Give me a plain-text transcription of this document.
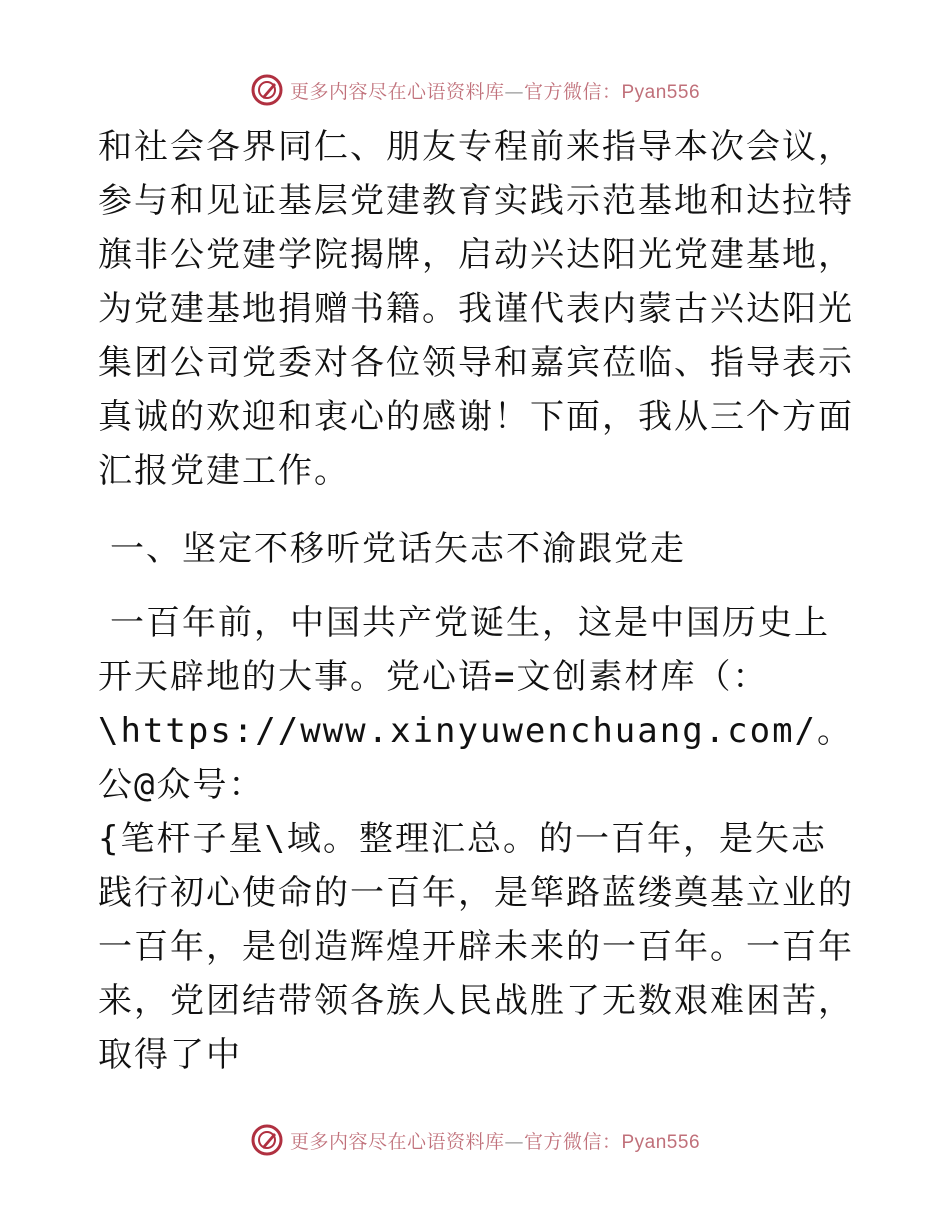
更多内容尽在心语资料库—官方微信：Pyan556

和社会各界同仁、朋友专程前来指导本次会议，参与和见证基层党建教育实践示范基地和达拉特旗非公党建学院揭牌，启动兴达阳光党建基地，为党建基地捐赠书籍。我谨代表内蒙古兴达阳光集团公司党委对各位领导和嘉宾莅临、指导表示真诚的欢迎和衷心的感谢！下面，我从三个方面汇报党建工作。

一、坚定不移听党话矢志不渝跟党走

一百年前，中国共产党诞生，这是中国历史上开天辟地的大事。党心语=文创素材库（：

\https://www.xinyuwenchuang.com/。公@众号：

{笔杆子星\域。整理汇总。的一百年，是矢志践行初心使命的一百年，是筚路蓝缕奠基立业的一百年，是创造辉煌开辟未来的一百年。一百年来，党团结带领各族人民战胜了无数艰难困苦，取得了中

更多内容尽在心语资料库—官方微信：Pyan556
